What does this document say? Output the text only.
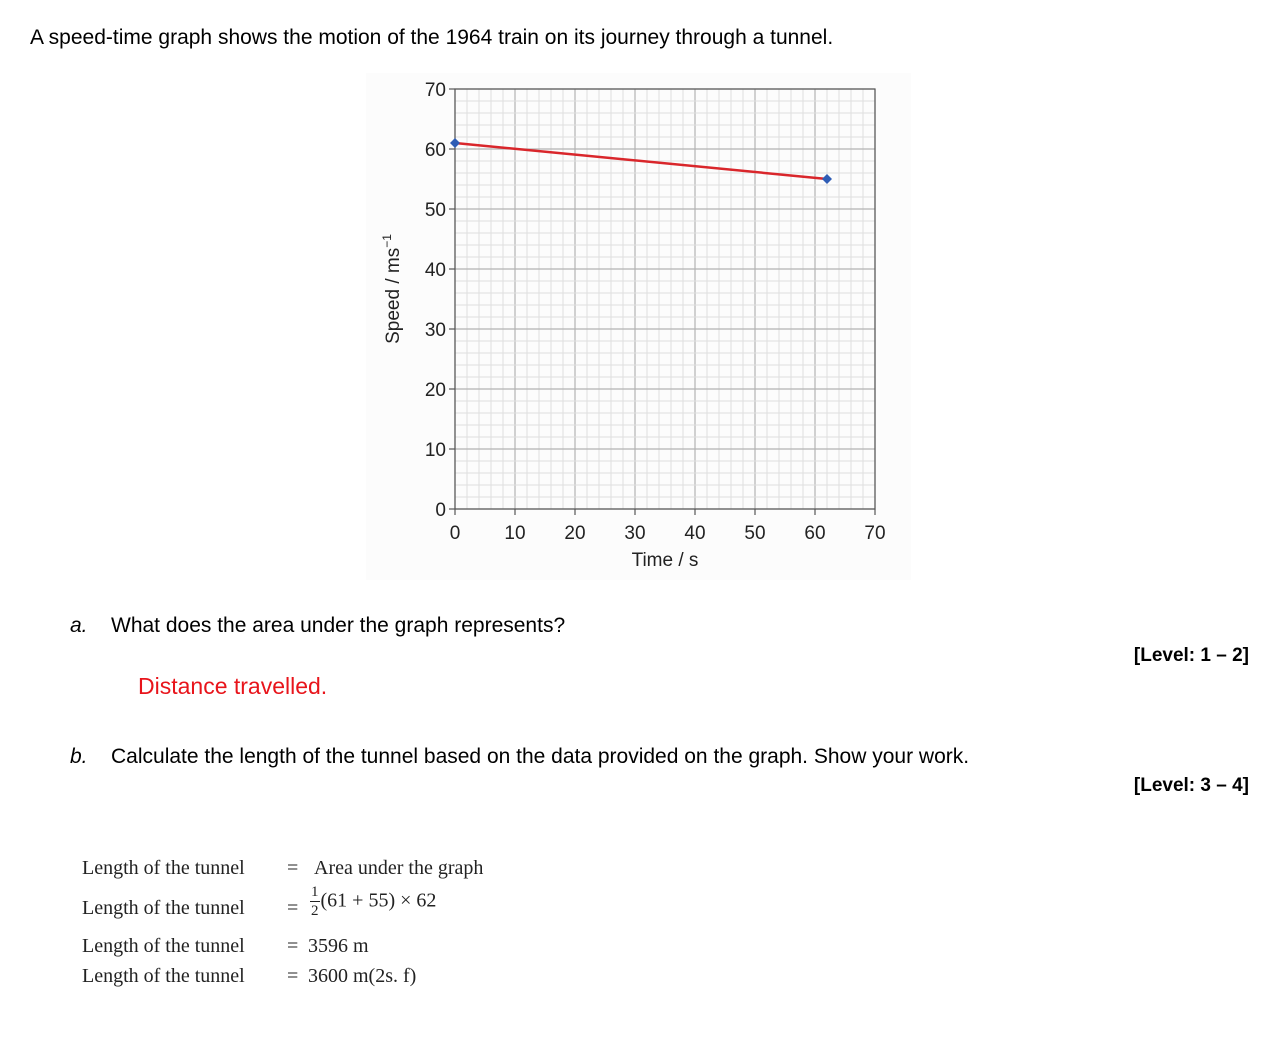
A speed-time graph shows the motion of the 1964 train on its journey through a tunnel.
0
10
20
30
40
50
60
70
0 10 20 30 40 50 60 70
Time / s
Speed / $ms^{-1}$
a. What does the area under the graph represents?
[Level: 1 – 2]
Distance travelled.
b. Calculate the length of the tunnel based on the data provided on the graph. Show your work.
[Level: 3 – 4]
Length of the tunnel = Area under the graph
Length of the tunnel = $\frac{1}{2} (61 + 55) \times 62$
Length of the tunnel = 3596 m
Length of the tunnel = 3600 m(2s. f)
